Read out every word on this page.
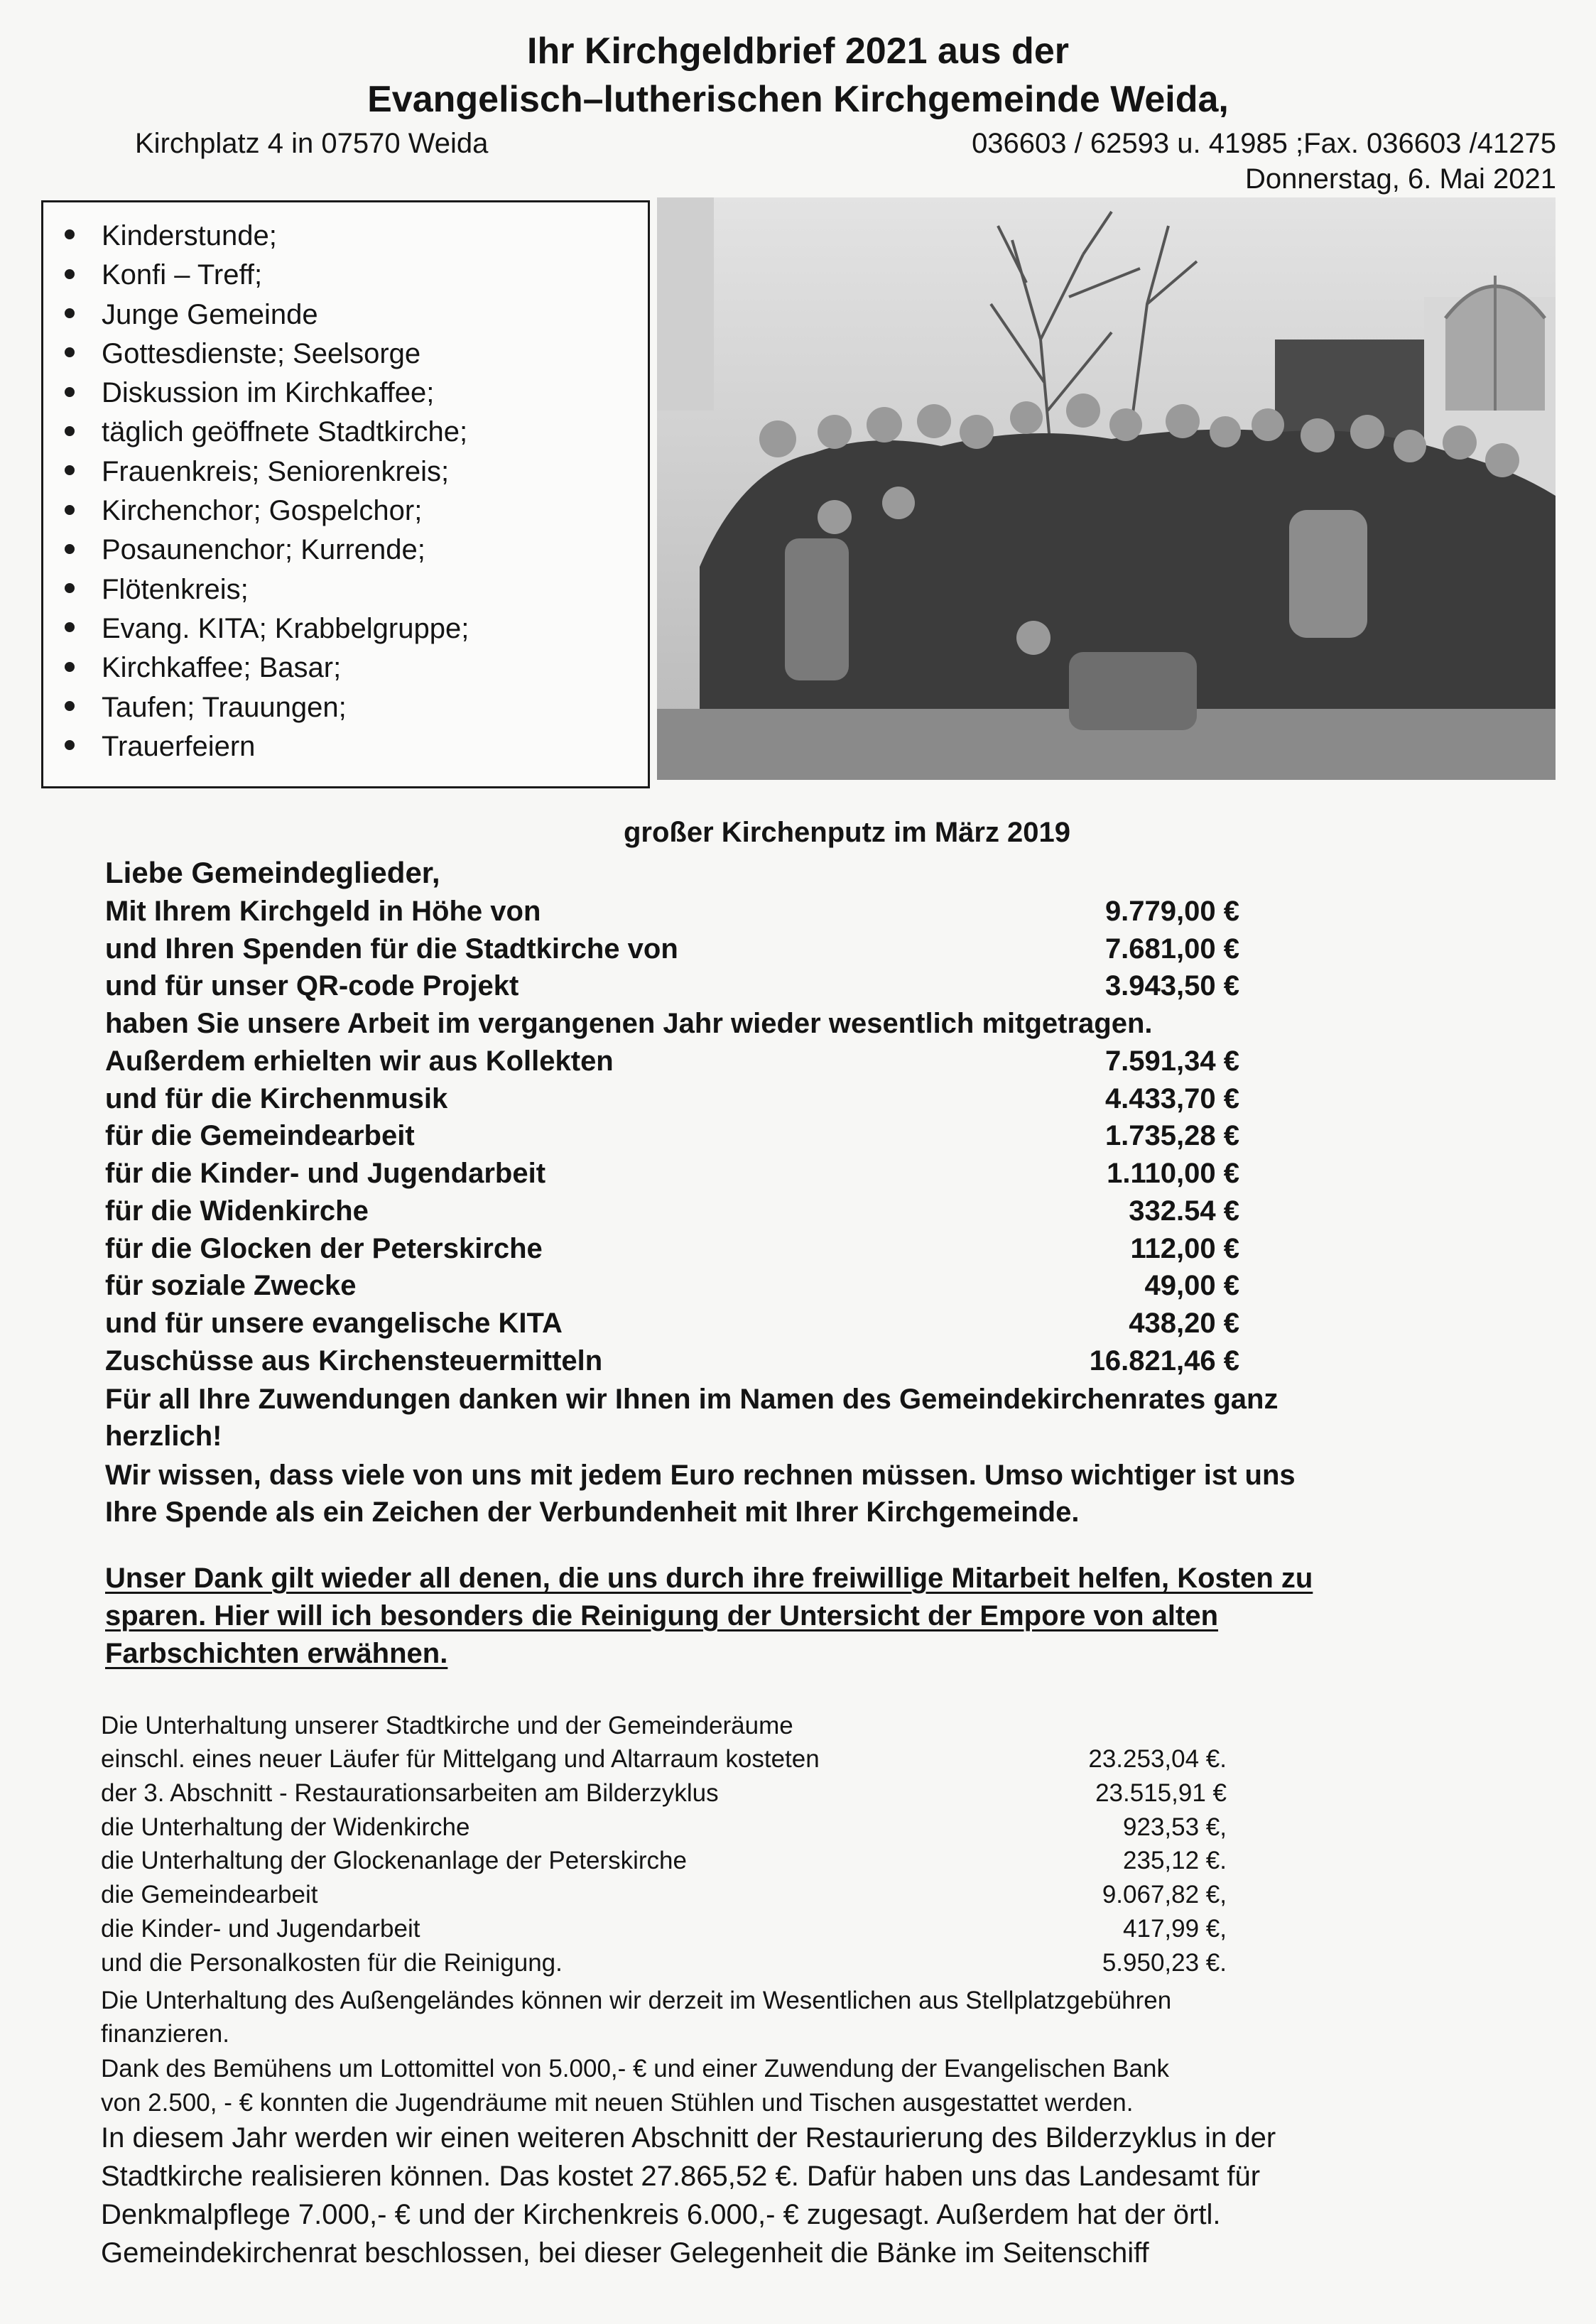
Ihr Kirchgeldbrief 2021 aus der
Evangelisch–lutherischen Kirchgemeinde Weida,
Kirchplatz 4 in 07570 Weida	036603 / 62593 u. 41985 ;Fax. 036603 /41275
Donnerstag, 6. Mai 2021
Kinderstunde;
Konfi – Treff;
Junge Gemeinde
Gottesdienste; Seelsorge
Diskussion im Kirchkaffee;
täglich geöffnete Stadtkirche;
Frauenkreis; Seniorenkreis;
Kirchenchor; Gospelchor;
Posaunenchor; Kurrende;
Flötenkreis;
Evang. KITA; Krabbelgruppe;
Kirchkaffee; Basar;
Taufen; Trauungen;
Trauerfeiern
großer Kirchenputz im März 2019
Liebe Gemeindeglieder,
Mit Ihrem Kirchgeld in Höhe von	9.779,00 €
und Ihren Spenden für die Stadtkirche von	7.681,00 €
und für unser QR-code Projekt	3.943,50 €
haben Sie unsere Arbeit im vergangenen Jahr wieder wesentlich mitgetragen.
Außerdem erhielten wir aus Kollekten	7.591,34 €
und für die Kirchenmusik	4.433,70 €
für die Gemeindearbeit	1.735,28 €
für die Kinder- und Jugendarbeit	1.110,00 €
für die Widenkirche	332.54 €
für die Glocken der Peterskirche	112,00 €
für soziale Zwecke	49,00 €
und für unsere evangelische KITA	438,20 €
Zuschüsse aus Kirchensteuermitteln	16.821,46 €
Für all Ihre Zuwendungen danken wir Ihnen im Namen des Gemeindekirchenrates ganz
herzlich!
Wir wissen, dass viele von uns mit jedem Euro rechnen müssen. Umso wichtiger ist uns
Ihre Spende als ein Zeichen der Verbundenheit mit Ihrer Kirchgemeinde.
Unser Dank gilt wieder all denen, die uns durch ihre freiwillige Mitarbeit helfen, Kosten zu
sparen. Hier will ich besonders die Reinigung der Untersicht der Empore von alten
Farbschichten erwähnen.
Die Unterhaltung unserer Stadtkirche und der Gemeinderäume
einschl. eines neuer Läufer für Mittelgang und Altarraum kosteten	23.253,04 €.
der 3. Abschnitt - Restaurationsarbeiten am Bilderzyklus	23.515,91 €
die Unterhaltung der Widenkirche	923,53 €,
die Unterhaltung der Glockenanlage der Peterskirche	235,12 €.
die Gemeindearbeit	9.067,82 €,
die Kinder- und Jugendarbeit	417,99 €,
und die Personalkosten für die Reinigung.	5.950,23 €.
Die Unterhaltung des Außengeländes können wir derzeit im Wesentlichen aus Stellplatzgebühren
finanzieren.
Dank des Bemühens um Lottomittel von 5.000,- € und einer Zuwendung der Evangelischen Bank
von 2.500, - € konnten die Jugendräume mit neuen Stühlen und Tischen ausgestattet werden.
In diesem Jahr werden wir einen weiteren Abschnitt der Restaurierung des Bilderzyklus in der
Stadtkirche realisieren können. Das kostet 27.865,52 €. Dafür haben uns das Landesamt für
Denkmalpflege 7.000,- € und der Kirchenkreis 6.000,- € zugesagt. Außerdem hat der örtl.
Gemeindekirchenrat beschlossen, bei dieser Gelegenheit die Bänke im Seitenschiff
